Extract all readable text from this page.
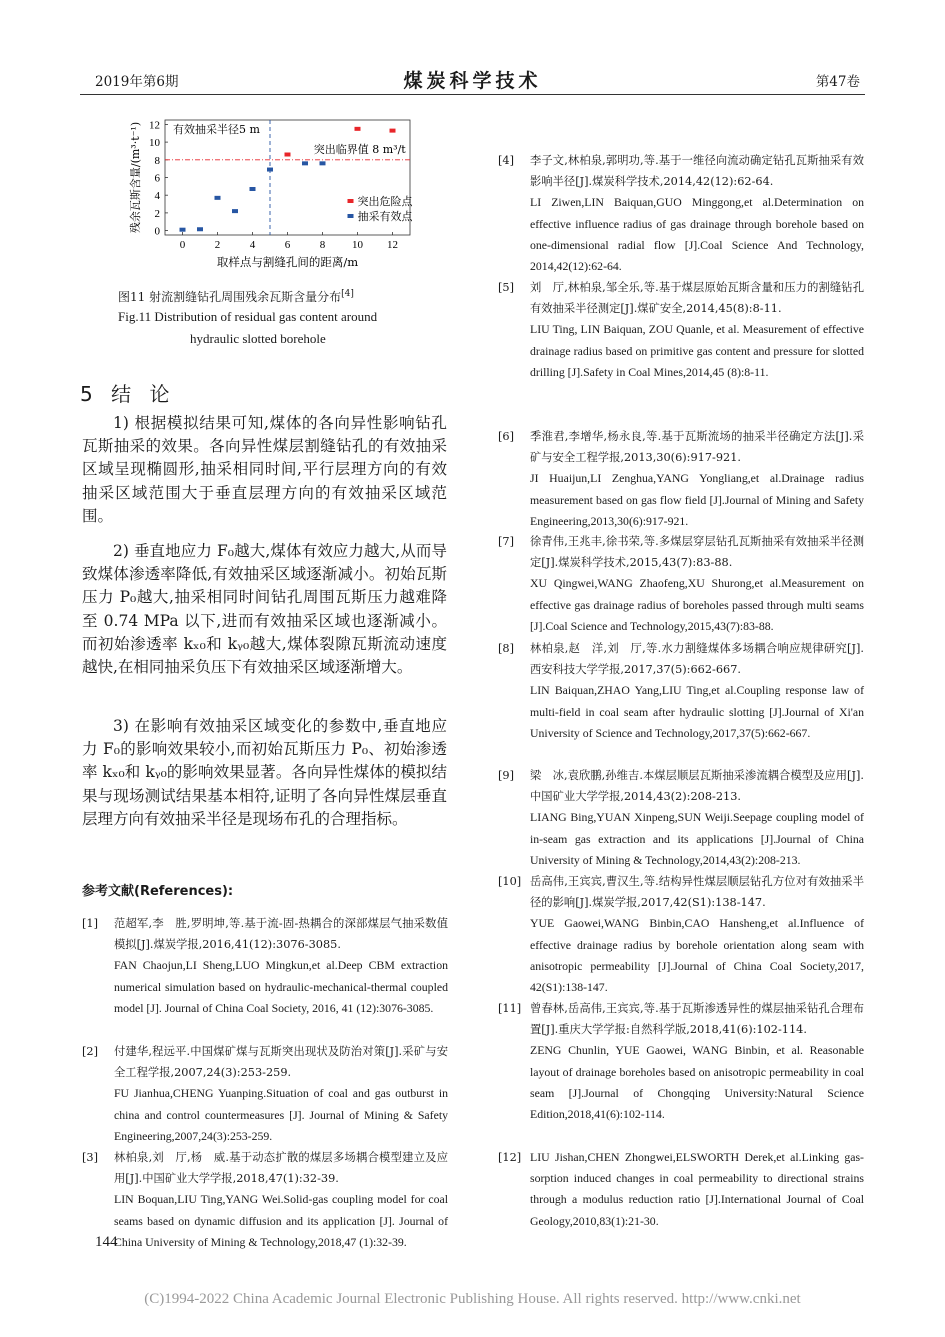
2019年第6期	煤炭科学技术	第47卷
0
2
4
6
8
10
12
0	2	4	6	8 10 12
取样点与割缝孔间的距离/m
残余瓦斯含量/(m³·t⁻¹)	突出临界值 8 m³/t
有效抽采半径5 m
突出危险点
抽采有效点
图11 射流割缝钻孔周围残余瓦斯含量分布[4]
Fig.11 Distribution of residual gas content around
hydraulic slotted borehole
5 结 论
1) 根据模拟结果可知,煤体的各向异性影响钻孔瓦斯抽采的效果。各向异性煤层割缝钻孔的有效抽采区域呈现椭圆形,抽采相同时间,平行层理方向的有效抽采区域范围大于垂直层理方向的有效抽采区域范围。
2) 垂直地应力 F₀越大,煤体有效应力越大,从而导致煤体渗透率降低,有效抽采区域逐渐减小。初始瓦斯压力 P₀越大,抽采相同时间钻孔周围瓦斯压力越难降至 0.74 MPa 以下,进而有效抽采区域也逐渐减小。而初始渗透率 kₓ₀和 kᵧ₀越大,煤体裂隙瓦斯流动速度越快,在相同抽采负压下有效抽采区域逐渐增大。
3) 在影响有效抽采区域变化的参数中,垂直地应力 F₀的影响效果较小,而初始瓦斯压力 P₀、初始渗透率 kₓ₀和 kᵧ₀的影响效果显著。各向异性煤体的模拟结果与现场测试结果基本相符,证明了各向异性煤层垂直层理方向有效抽采半径是现场布孔的合理指标。
参考文献(References):
[1] 范超军,李　胜,罗明坤,等.基于流-固-热耦合的深部煤层气抽采数值模拟[J].煤炭学报,2016,41(12):3076-3085.
FAN Chaojun,LI Sheng,LUO Mingkun,et al.Deep CBM extraction numerical simulation based on hydraulic-mechanical-thermal coupled model [J]. Journal of China Coal Society, 2016, 41 (12):3076-3085.
[2] 付建华,程远平.中国煤矿煤与瓦斯突出现状及防治对策[J].采矿与安全工程学报,2007,24(3):253-259.
FU Jianhua,CHENG Yuanping.Situation of coal and gas outburst in china and control countermeasures [J]. Journal of Mining & Safety Engineering,2007,24(3):253-259.
[3] 林柏泉,刘　厅,杨　威.基于动态扩散的煤层多场耦合模型建立及应用[J].中国矿业大学学报,2018,47(1):32-39.
LIN Boquan,LIU Ting,YANG Wei.Solid-gas coupling model for coal seams based on dynamic diffusion and its application [J]. Journal of China University of Mining & Technology,2018,47 (1):32-39.
[4] 李子文,林柏泉,郭明功,等.基于一维径向流动确定钻孔瓦斯抽采有效影响半径[J].煤炭科学技术,2014,42(12):62-64.
LI Ziwen,LIN Baiquan,GUO Minggong,et al.Determination on effective influence radius of gas drainage through borehole based on one-dimensional radial flow [J].Coal Science And Technology, 2014,42(12):62-64.
[5] 刘　厅,林柏泉,邹全乐,等.基于煤层原始瓦斯含量和压力的割缝钻孔有效抽采半径测定[J].煤矿安全,2014,45(8):8-11.
LIU Ting, LIN Baiquan, ZOU Quanle, et al. Measurement of effective drainage radius based on primitive gas content and pressure for slotted drilling [J].Safety in Coal Mines,2014,45 (8):8-11.
[6] 季淮君,李增华,杨永良,等.基于瓦斯流场的抽采半径确定方法[J].采矿与安全工程学报,2013,30(6):917-921.
JI Huaijun,LI Zenghua,YANG Yongliang,et al.Drainage radius measurement based on gas flow field [J].Journal of Mining and Safety Engineering,2013,30(6):917-921.
[7] 徐青伟,王兆丰,徐书荣,等.多煤层穿层钻孔瓦斯抽采有效抽采半径测定[J].煤炭科学技术,2015,43(7):83-88.
XU Qingwei,WANG Zhaofeng,XU Shurong,et al.Measurement on effective gas drainage radius of boreholes passed through multi seams [J].Coal Science and Technology,2015,43(7):83-88.
[8] 林柏泉,赵　洋,刘　厅,等.水力割缝煤体多场耦合响应规律研究[J].西安科技大学学报,2017,37(5):662-667.
LIN Baiquan,ZHAO Yang,LIU Ting,et al.Coupling response law of multi-field in coal seam after hydraulic slotting [J].Journal of Xi'an University of Science and Technology,2017,37(5):662-667.
[9] 梁　冰,袁欣鹏,孙维吉.本煤层顺层瓦斯抽采渗流耦合模型及应用[J].中国矿业大学学报,2014,43(2):208-213.
LIANG Bing,YUAN Xinpeng,SUN Weiji.Seepage coupling model of in-seam gas extraction and its applications [J].Journal of China University of Mining & Technology,2014,43(2):208-213.
[10] 岳高伟,王宾宾,曹汉生,等.结构异性煤层顺层钻孔方位对有效抽采半径的影响[J].煤炭学报,2017,42(S1):138-147.
YUE Gaowei,WANG Binbin,CAO Hansheng,et al.Influence of effective drainage radius by borehole orientation along seam with anisotropic permeability [J].Journal of China Coal Society,2017, 42(S1):138-147.
[11] 曾春林,岳高伟,王宾宾,等.基于瓦斯渗透异性的煤层抽采钻孔合理布置[J].重庆大学学报:自然科学版,2018,41(6):102-114.
ZENG Chunlin, YUE Gaowei, WANG Binbin, et al. Reasonable layout of drainage boreholes based on anisotropic permeability in coal seam [J].Journal of Chongqing University:Natural Science Edition,2018,41(6):102-114.
[12] LIU Jishan,CHEN Zhongwei,ELSWORTH Derek,et al.Linking gas-sorption induced changes in coal permeability to directional strains through a modulus reduction ratio [J].International Journal of Coal Geology,2010,83(1):21-30.
144
(C)1994-2022 China Academic Journal Electronic Publishing House. All rights reserved. http://www.cnki.net
